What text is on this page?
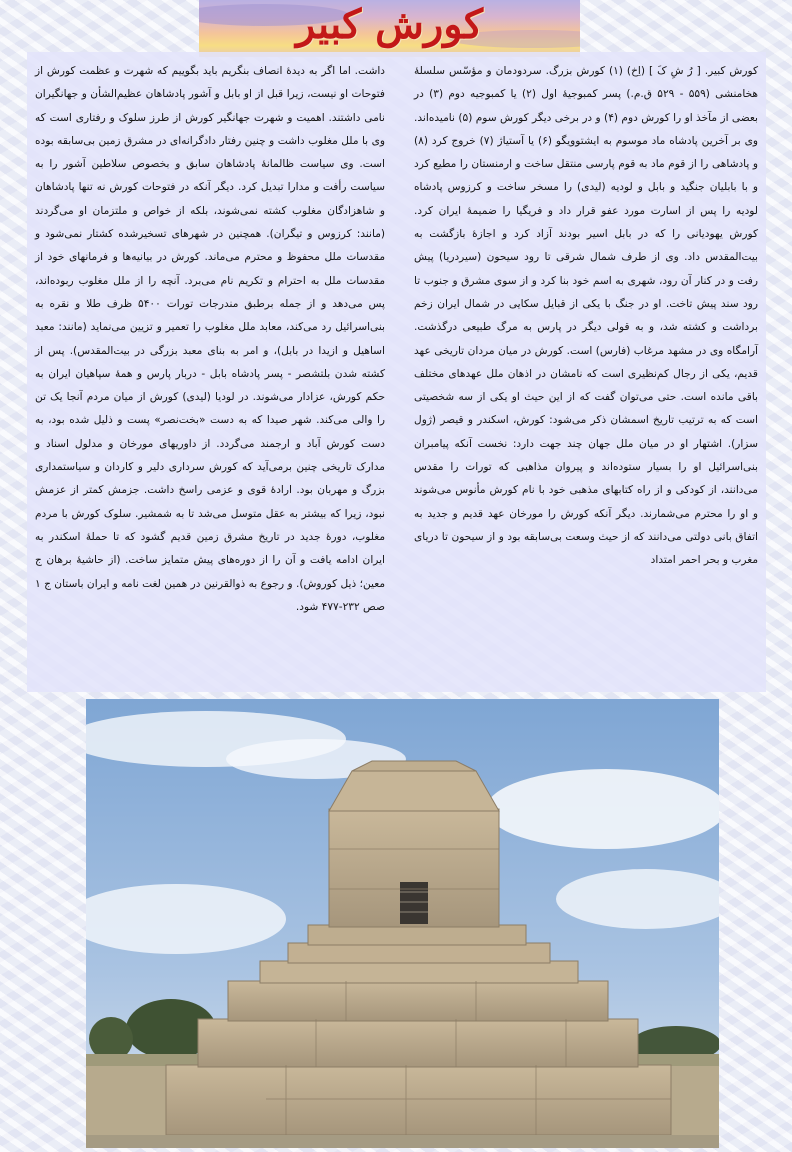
کورش کبیر

کورش کبیر. [ رُ شِ کَ ] (اِخ) (۱) کورش بزرگ. سردودمان و مؤسّس سلسلهٔ هخامنشی (۵۵۹ - ۵۲۹ ق.م.) پسر کمبوجیهٔ اول (۲) یا کمبوجیه دوم (۳) در بعضی از مآخذ او را کورش دوم (۴) و در برخی دیگر کورش سوم (۵) نامیده‌اند. وی بر آخرین پادشاه ماد موسوم به ایشتوویگو (۶) یا آستیاژ (۷) خروج کرد (۸) و پادشاهی را از قوم ماد به قوم پارسی منتقل ساخت و ارمنستان را مطیع کرد و با بابلیان جنگید و بابل و لودیه (لیدی) را مسخر ساخت و کرزوس پادشاه لودیه را پس از اسارت مورد عفو قرار داد و فریگیا را ضمیمهٔ ایران کرد. کورش یهودیانی را که در بابل اسیر بودند آزاد کرد و اجازهٔ بازگشت به بیت‌المقدس داد. وی از طرف شمال شرقی تا رود سیحون (سیردریا) پیش رفت و در کنار آن رود، شهری به اسم خود بنا کرد و از سوی مشرق و جنوب تا رود سند پیش تاخت. او در جنگ با یکی از قبایل سکایی در شمال ایران زخم برداشت و کشته شد، و به قولی دیگر در پارس به مرگ طبیعی درگذشت. آرامگاه وی در مشهد مرغاب (فارس) است. کورش در میان مردان تاریخی عهد قدیم، یکی از رجال کم‌نظیری است که نامشان در اذهان ملل عهدهای مختلف باقی مانده است. حتی می‌توان گفت که از این حیث او یکی از سه شخصیتی است که به ترتیب تاریخ اسمشان ذکر می‌شود: کورش، اسکندر و قیصر (ژول سزار). اشتهار او در میان ملل جهان چند جهت دارد: نخست آنکه پیامبران بنی‌اسرائیل او را بسیار ستوده‌اند و پیروان مذاهبی که تورات را مقدس می‌دانند، از کودکی و از راه کتابهای مذهبی خود با نام کورش مأنوس می‌شوند و او را محترم می‌شمارند. دیگر آنکه کورش را مورخان عهد قدیم و جدید به اتفاق بانی دولتی می‌دانند که از حیث وسعت بی‌سابقه بود و از سیحون تا دریای مغرب و بحر احمر امتداد

داشت. اما اگر به دیدهٔ انصاف بنگریم باید بگوییم که شهرت و عظمت کورش از فتوحات او نیست، زیرا قبل از او بابل و آشور پادشاهان عظیم‌الشأن و جهانگیران نامی داشتند. اهمیت و شهرت جهانگیر کورش از طرز سلوک و رفتاری است که وی با ملل مغلوب داشت و چنین رفتار دادگرانه‌ای در مشرق زمین بی‌سابقه بوده است. وی سیاست ظالمانهٔ پادشاهان سابق و بخصوص سلاطین آشور را به سیاست رأفت و مدارا تبدیل کرد. دیگر آنکه در فتوحات کورش نه تنها پادشاهان و شاهزادگان مغلوب کشته نمی‌شوند، بلکه از خواص و ملتزمان او می‌گردند (مانند: کرزوس و تیگران). همچنین در شهرهای تسخیرشده کشتار نمی‌شود و مقدسات ملل محفوظ و محترم می‌ماند. کورش در بیانیه‌ها و فرمانهای خود از مقدسات ملل به احترام و تکریم نام می‌برد. آنچه را از ملل مغلوب ربوده‌اند، پس می‌دهد و از جمله برطبق مندرجات تورات ۵۴۰۰ ظرف طلا و نقره به بنی‌اسرائیل رد می‌کند، معابد ملل مغلوب را تعمیر و تزیین می‌نماید (مانند: معبد اساهیل و ازیدا در بابل)، و امر به بنای معبد بزرگی در بیت‌المقدس). پس از کشته شدن بلتشصر - پسر پادشاه بابل - دربار پارس و همهٔ سپاهیان ایران به حکم کورش، عزادار می‌شوند. در لودیا (لیدی) کورش از میان مردم آنجا یک تن را والی می‌کند. شهر صیدا که به دست «بخت‌نصر» پست و ذلیل شده بود، به دست کورش آباد و ارجمند می‌گردد. از داوریهای مورخان و مدلول اسناد و مدارک تاریخی چنین برمی‌آید که کورش سرداری دلیر و کاردان و سیاستمداری بزرگ و مهربان بود. ارادهٔ قوی و عزمی راسخ داشت. جزمش کمتر از عزمش نبود، زیرا که بیشتر به عقل متوسل می‌شد تا به شمشیر. سلوک کورش با مردم مغلوب، دورهٔ جدید در تاریخ مشرق زمین قدیم گشود که تا حملهٔ اسکندر به ایران ادامه یافت و آن را از دوره‌های پیش متمایز ساخت. (از حاشیهٔ برهان ج معین؛ ذیل کوروش). و رجوع به ذوالقرنین در همین لغت نامه و ایران باستان ج ۱ صص ۲۳۲-۴۷۷ شود.
